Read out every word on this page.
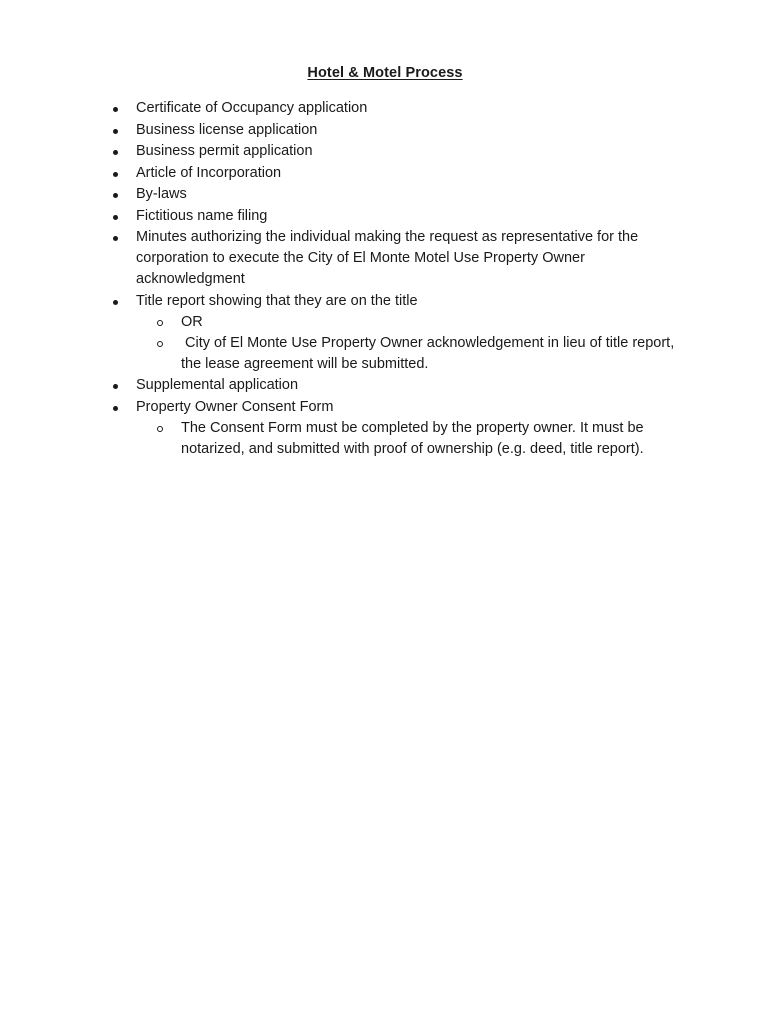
Hotel & Motel Process
Certificate of Occupancy application
Business license application
Business permit application
Article of Incorporation
By-laws
Fictitious name filing
Minutes authorizing the individual making the request as representative for the corporation to execute the City of El Monte Motel Use Property Owner acknowledgment
Title report showing that they are on the title
OR
City of El Monte Use Property Owner acknowledgement in lieu of title report, the lease agreement will be submitted.
Supplemental application
Property Owner Consent Form
The Consent Form must be completed by the property owner. It must be notarized, and submitted with proof of ownership (e.g. deed, title report).
